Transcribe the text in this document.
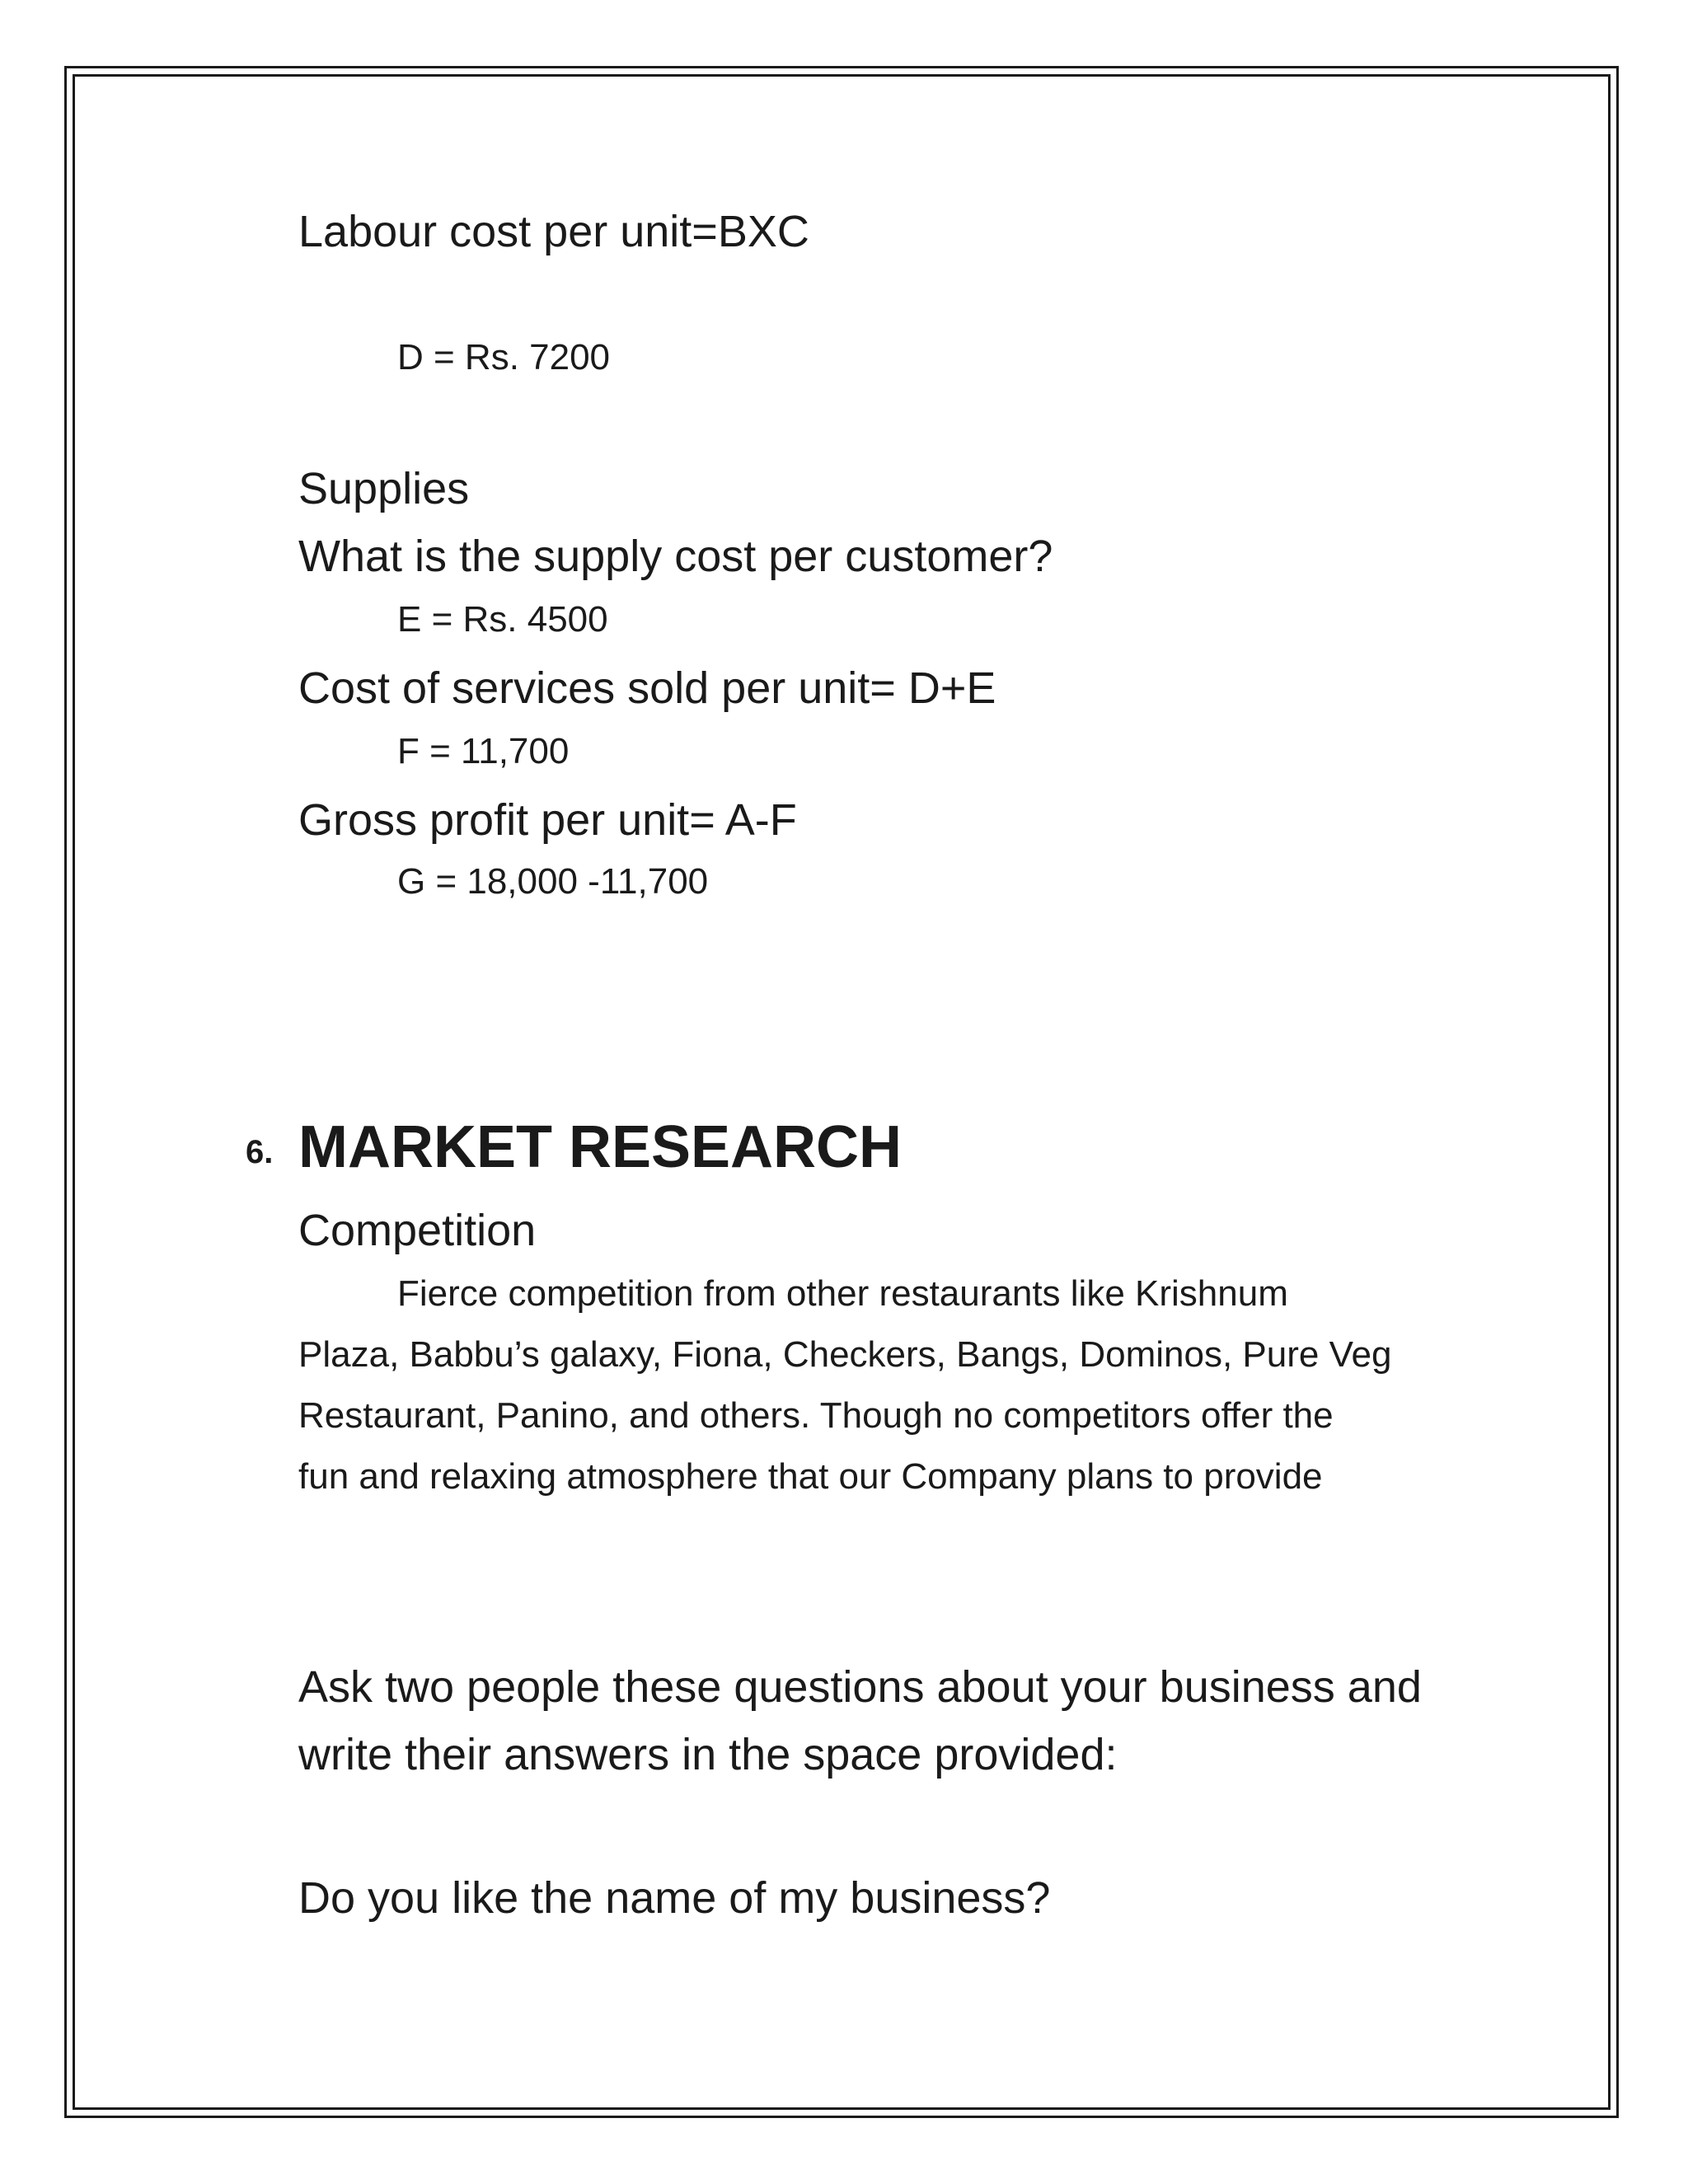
Labour cost per unit=BXC

D = Rs. 7200

Supplies

What is the supply cost per customer?

E = Rs. 4500

Cost of services sold per unit= D+E

F = 11,700

Gross profit per unit= A-F

G = 18,000 -11,700

6. MARKET RESEARCH

Competition

Fierce competition from other restaurants like Krishnum

Plaza, Babbu’s galaxy, Fiona, Checkers, Bangs, Dominos, Pure Veg

Restaurant, Panino, and others. Though no competitors offer the

fun and relaxing atmosphere that our Company plans to provide

Ask two people these questions about your business and

write their answers in the space provided:

Do you like the name of my business?
